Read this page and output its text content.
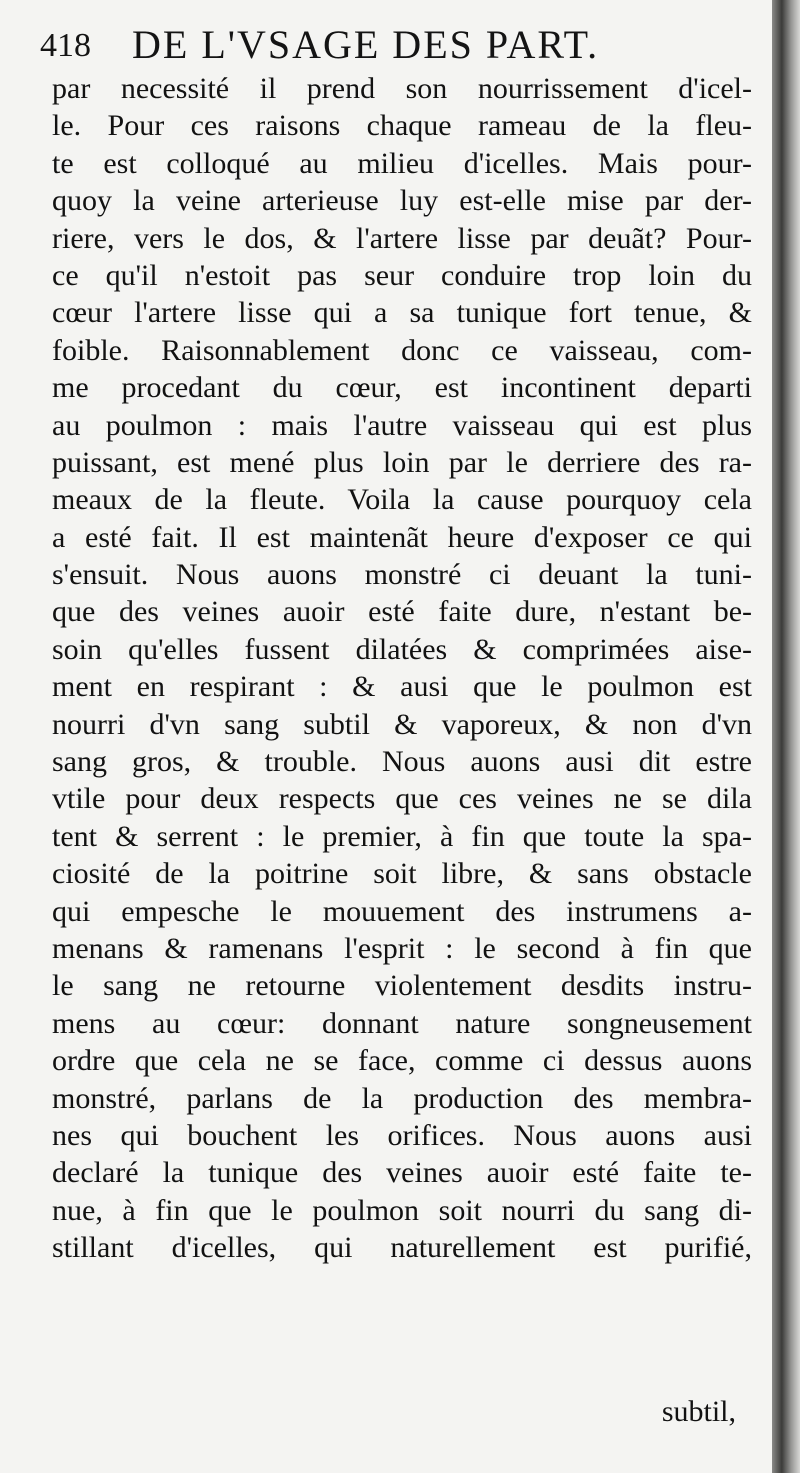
418 DE L'VSAGE DES PART.
par necessité il prend son nourrissement d'icel-
le. Pour ces raisons chaque rameau de la fleu-
te est colloqué au milieu d'icelles. Mais pour-
quoy la veine arterieuse luy est-elle mise par der-
riere, vers le dos, & l'artere lisse par deuãt? Pour-
ce qu'il n'estoit pas seur conduire trop loin du
cœur l'artere lisse qui a sa tunique fort tenue, &
foible. Raisonnablement donc ce vaisseau, com-
me procedant du cœur, est incontinent departi
au poulmon : mais l'autre vaisseau qui est plus
puissant, est mené plus loin par le derriere des ra-
meaux de la fleute. Voila la cause pourquoy cela
a esté fait. Il est maintenãt heure d'exposer ce qui
s'ensuit. Nous auons monstré ci deuant la tuni-
que des veines auoir esté faite dure, n'estant be-
soin qu'elles fussent dilatées & comprimées aise-
ment en respirant : & ausi que le poulmon est
nourri d'vn sang subtil & vaporeux, & non d'vn
sang gros, & trouble. Nous auons ausi dit estre
vtile pour deux respects que ces veines ne se dila
tent & serrent : le premier, à fin que toute la spa-
ciosité de la poitrine soit libre, & sans obstacle
qui empesche le mouuement des instrumens a-
menans & ramenans l'esprit : le second à fin que
le sang ne retourne violentement desdits instru-
mens au cœur: donnant nature songneusement
ordre que cela ne se face, comme ci dessus auons
monstré, parlans de la production des membra-
nes qui bouchent les orifices. Nous auons ausi
declaré la tunique des veines auoir esté faite te-
nue, à fin que le poulmon soit nourri du sang di-
stillant d'icelles, qui naturellement est purifié,
subtil,
